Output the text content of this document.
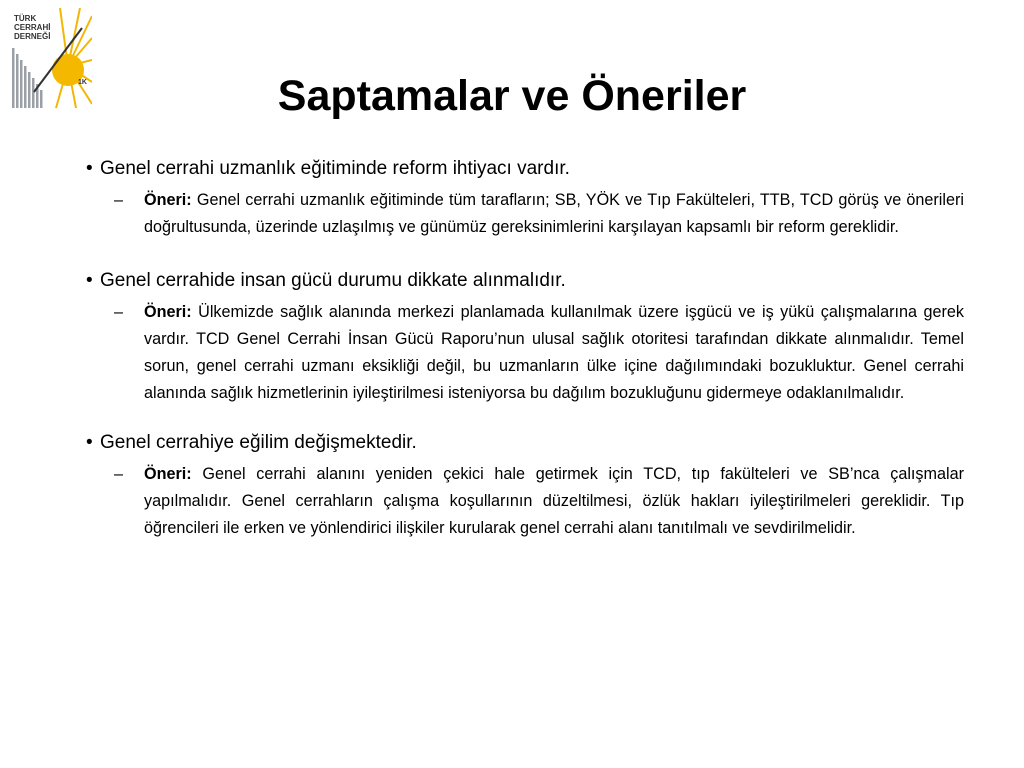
TÜRK
CERRAHİ
DERNEĞİ
1K	Saptamalar ve Öneriler
• Genel cerrahi uzmanlık eğitiminde reform ihtiyacı vardır.
– Öneri: Genel cerrahi uzmanlık eğitiminde tüm tarafların; SB, YÖK ve Tıp Fakülteleri, TTB, TCD görüş ve önerileri doğrultusunda, üzerinde uzlaşılmış ve günümüz gereksinimlerini karşılayan kapsamlı bir reform gereklidir.
• Genel cerrahide insan gücü durumu dikkate alınmalıdır.
– Öneri: Ülkemizde sağlık alanında merkezi planlamada kullanılmak üzere işgücü ve iş yükü çalışmalarına gerek vardır. TCD Genel Cerrahi İnsan Gücü Raporu’nun ulusal sağlık otoritesi tarafından dikkate alınmalıdır. Temel sorun, genel cerrahi uzmanı eksikliği değil, bu uzmanların ülke içine dağılımındaki bozukluktur. Genel cerrahi alanında sağlık hizmetlerinin iyileştirilmesi isteniyorsa bu dağılım bozukluğunu gidermeye odaklanılmalıdır.
• Genel cerrahiye eğilim değişmektedir.
– Öneri: Genel cerrahi alanını yeniden çekici hale getirmek için TCD, tıp fakülteleri ve SB’nca çalışmalar yapılmalıdır. Genel cerrahların çalışma koşullarının düzeltilmesi, özlük hakları iyileştirilmeleri gereklidir. Tıp öğrencileri ile erken ve yönlendirici ilişkiler kurularak genel cerrahi alanı tanıtılmalı ve sevdirilmelidir.
